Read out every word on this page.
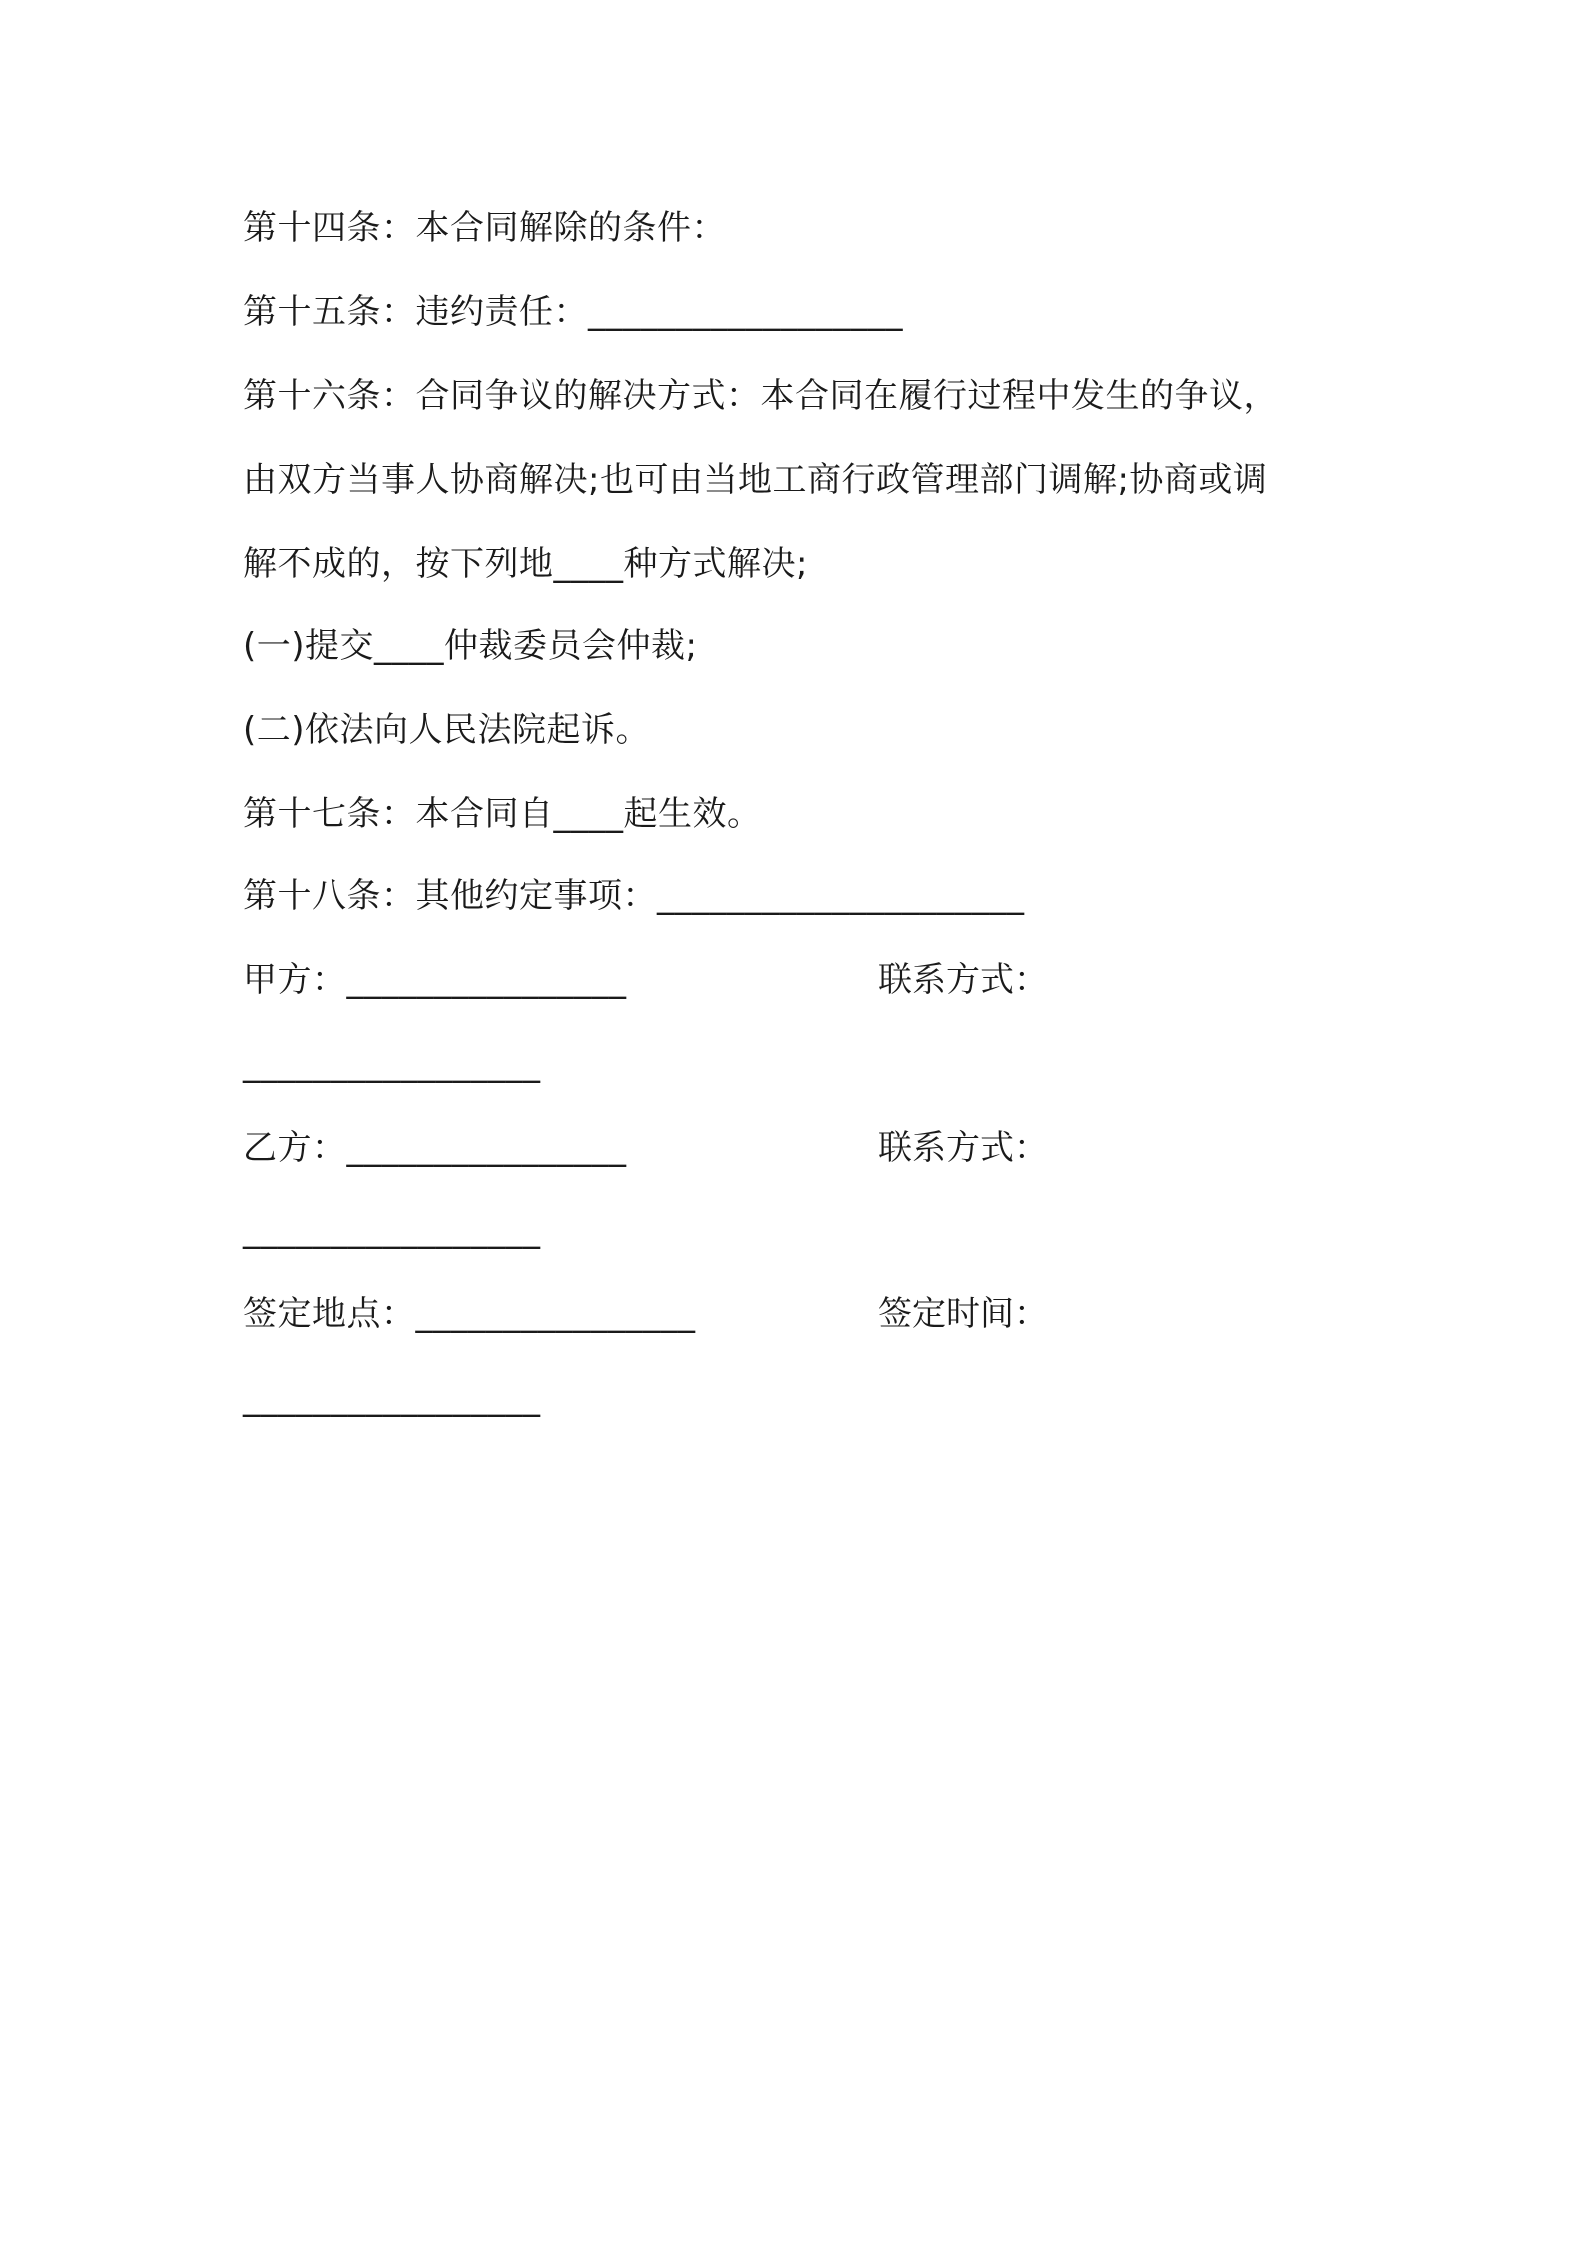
第十四条：本合同解除的条件：
第十五条：违约责任：__________________
第十六条：合同争议的解决方式：本合同在履行过程中发生的争议，
由双方当事人协商解决;也可由当地工商行政管理部门调解;协商或调
解不成的，按下列地____种方式解决;
(一)提交____仲裁委员会仲裁;
(二)依法向人民法院起诉。
第十七条：本合同自____起生效。
第十八条：其他约定事项：_____________________
甲方：________________	联系方式：
_________________
乙方：________________	联系方式：
_________________
签定地点：________________	签定时间：
_________________
